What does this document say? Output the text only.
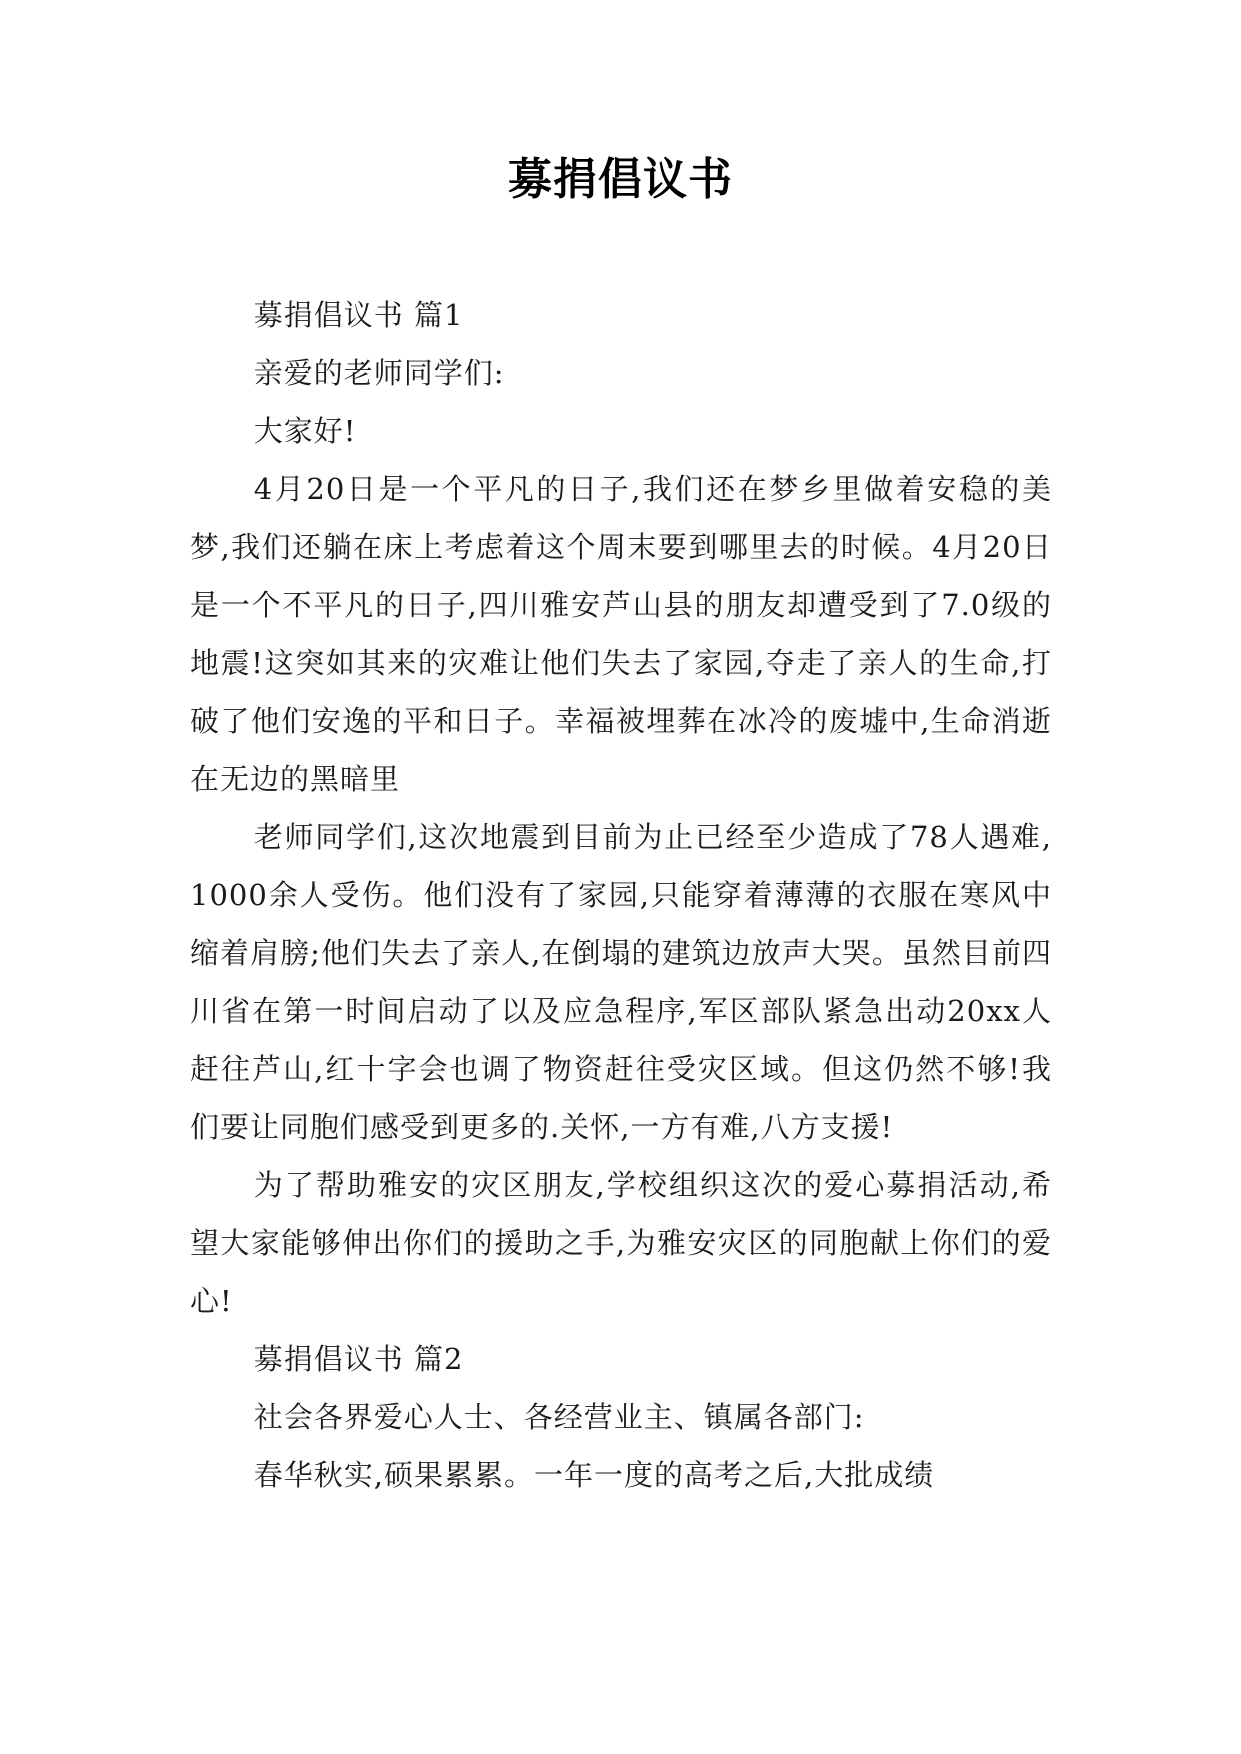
募捐倡议书

募捐倡议书 篇1

亲爱的老师同学们:

大家好!

4月20日是一个平凡的日子,我们还在梦乡里做着安稳的美梦,我们还躺在床上考虑着这个周末要到哪里去的时候。4月20日是一个不平凡的日子,四川雅安芦山县的朋友却遭受到了7.0级的地震!这突如其来的灾难让他们失去了家园,夺走了亲人的生命,打破了他们安逸的平和日子。幸福被埋葬在冰冷的废墟中,生命消逝在无边的黑暗里

老师同学们,这次地震到目前为止已经至少造成了78人遇难,1000余人受伤。他们没有了家园,只能穿着薄薄的衣服在寒风中缩着肩膀;他们失去了亲人,在倒塌的建筑边放声大哭。虽然目前四川省在第一时间启动了以及应急程序,军区部队紧急出动20xx人赶往芦山,红十字会也调了物资赶往受灾区域。但这仍然不够!我们要让同胞们感受到更多的.关怀,一方有难,八方支援!

为了帮助雅安的灾区朋友,学校组织这次的爱心募捐活动,希望大家能够伸出你们的援助之手,为雅安灾区的同胞献上你们的爱心!

募捐倡议书 篇2

社会各界爱心人士、各经营业主、镇属各部门:

春华秋实,硕果累累。一年一度的高考之后,大批成绩
